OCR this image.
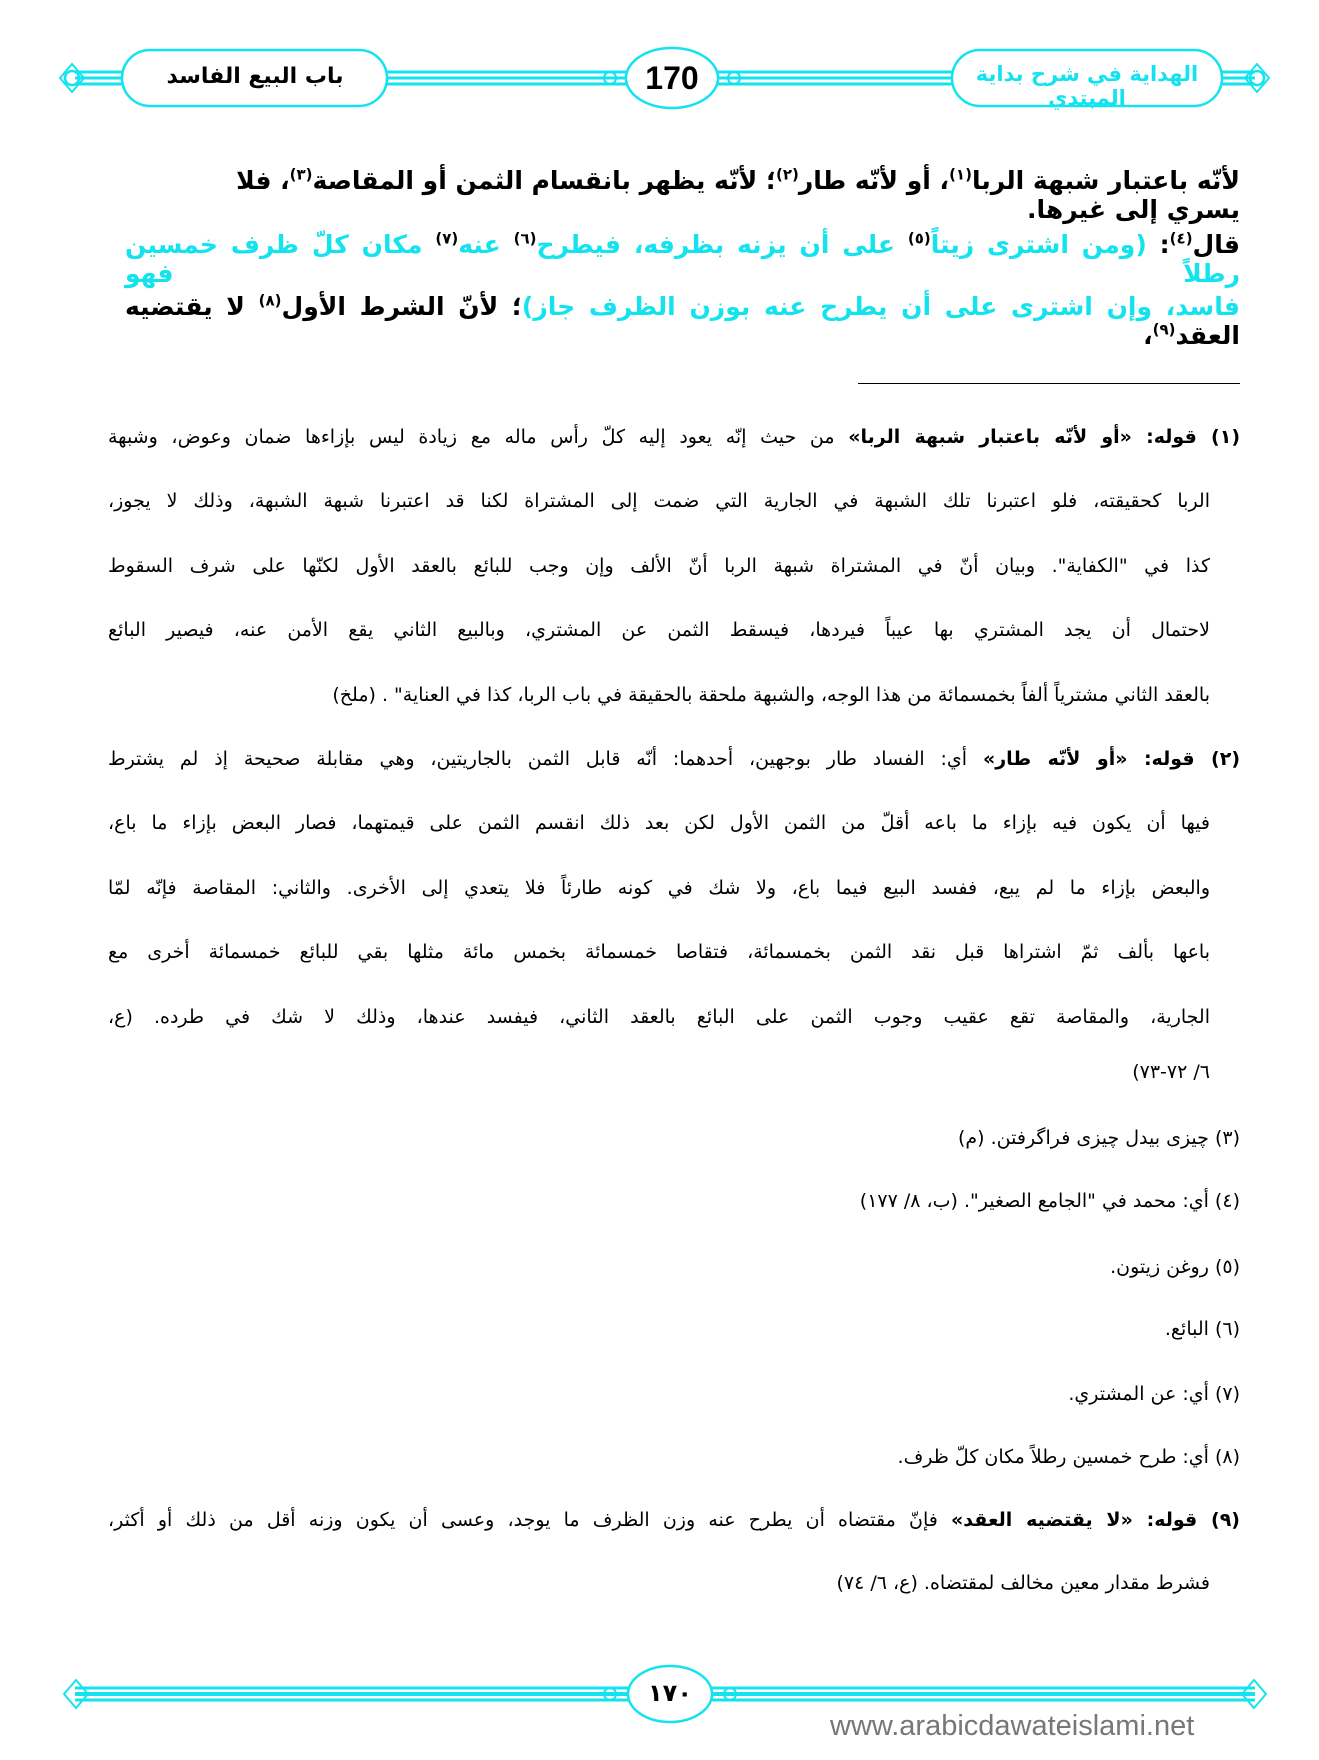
الهداية في شرح بداية المبتدي
170
باب البيع الفاسد
لأنّه باعتبار شبهة الربا$^{(١)}$، أو لأنّه طار$^{(٢)}$؛ لأنّه يظهر بانقسام الثمن أو المقاصة$^{(٣)}$، فلا يسري إلى غيرها.
قال$^{(٤)}$: (ومن اشترى زيتاً$^{(٥)}$ على أن يزنه بظرفه، فيطرح$^{(٦)}$ عنه$^{(٧)}$ مكان كلّ ظرف خمسين رطلاً فهو
فاسد، وإن اشترى على أن يطرح عنه بوزن الظرف جاز)؛ لأنّ الشرط الأول$^{(٨)}$ لا يقتضيه العقد$^{(٩)}$،
(١) قوله: «أو لأنّه باعتبار شبهة الربا» من حيث إنّه يعود إليه كلّ رأس ماله مع زيادة ليس بإزاءها ضمان وعوض، وشبهة
الربا كحقيقته، فلو اعتبرنا تلك الشبهة في الجارية التي ضمت إلى المشتراة لكنا قد اعتبرنا شبهة الشبهة، وذلك لا يجوز،
كذا في "الكفاية". وبيان أنّ في المشتراة شبهة الربا أنّ الألف وإن وجب للبائع بالعقد الأول لكنّها على شرف السقوط
لاحتمال أن يجد المشتري بها عيباً فيردها، فيسقط الثمن عن المشتري، وبالبيع الثاني يقع الأمن عنه، فيصير البائع
بالعقد الثاني مشترياً ألفاً بخمسمائة من هذا الوجه، والشبهة ملحقة بالحقيقة في باب الربا، كذا في العناية" . (ملخ)
(٢) قوله: «أو لأنّه طار» أي: الفساد طار بوجهين، أحدهما: أنّه قابل الثمن بالجاريتين، وهي مقابلة صحيحة إذ لم يشترط
فيها أن يكون فيه بإزاء ما باعه أقلّ من الثمن الأول لكن بعد ذلك انقسم الثمن على قيمتهما، فصار البعض بإزاء ما باع،
والبعض بإزاء ما لم يبع، ففسد البيع فيما باع، ولا شك في كونه طارئاً فلا يتعدي إلى الأخرى. والثاني: المقاصة فإنّه لمّا
باعها بألف ثمّ اشتراها قبل نقد الثمن بخمسمائة، فتقاصا خمسمائة بخمس مائة مثلها بقي للبائع خمسمائة أخرى مع
الجارية، والمقاصة تقع عقيب وجوب الثمن على البائع بالعقد الثاني، فيفسد عندها، وذلك لا شك في طرده. (ع،
٦/ ٧٢-٧٣)
(٣) چيزى بيدل چيزى فراگرفتن. (م)
(٤) أي: محمد في "الجامع الصغير". (ب، ٨/ ١٧٧)
(٥) روغن زيتون.
(٦) البائع.
(٧) أي: عن المشتري.
(٨) أي: طرح خمسين رطلاً مكان كلّ ظرف.
(٩) قوله: «لا يقتضيه العقد» فإنّ مقتضاه أن يطرح عنه وزن الظرف ما يوجد، وعسى أن يكون وزنه أقل من ذلك أو أكثر،
فشرط مقدار معين مخالف لمقتضاه. (ع، ٦/ ٧٤)
١٧٠
www.arabicdawateislami.net
